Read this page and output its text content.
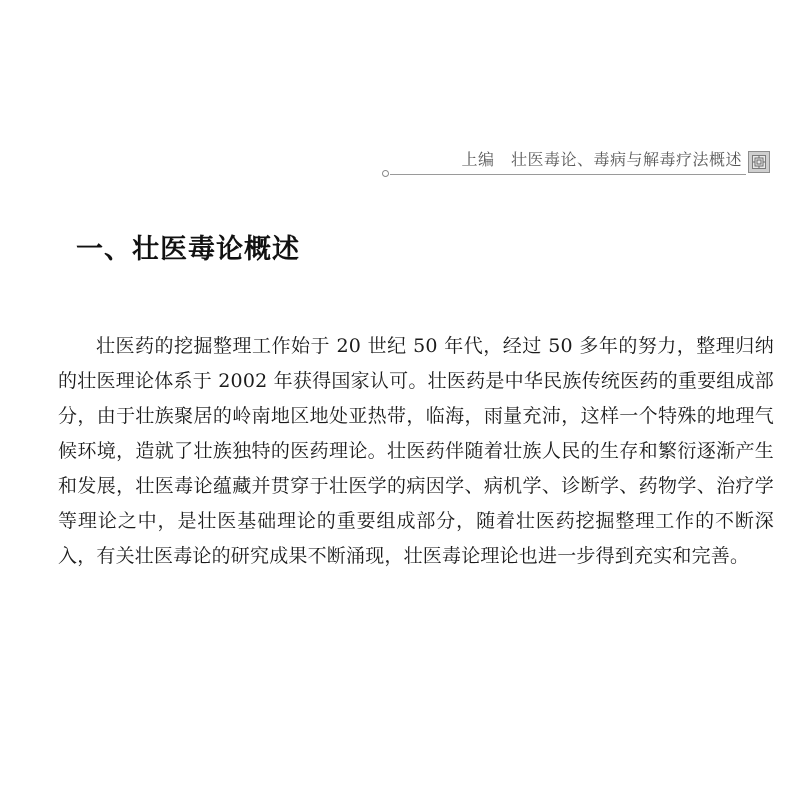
上编　壮医毒论、毒病与解毒疗法概述
一、壮医毒论概述

壮医药的挖掘整理工作始于 20 世纪 50 年代，经过 50 多年的努力，整理归纳的壮医理论体系于 2002 年获得国家认可。壮医药是中华民族传统医药的重要组成部分，由于壮族聚居的岭南地区地处亚热带，临海，雨量充沛，这样一个特殊的地理气候环境，造就了壮族独特的医药理论。壮医药伴随着壮族人民的生存和繁衍逐渐产生和发展，壮医毒论蕴藏并贯穿于壮医学的病因学、病机学、诊断学、药物学、治疗学等理论之中，是壮医基础理论的重要组成部分，随着壮医药挖掘整理工作的不断深入，有关壮医毒论的研究成果不断涌现，壮医毒论理论也进一步得到充实和完善。
